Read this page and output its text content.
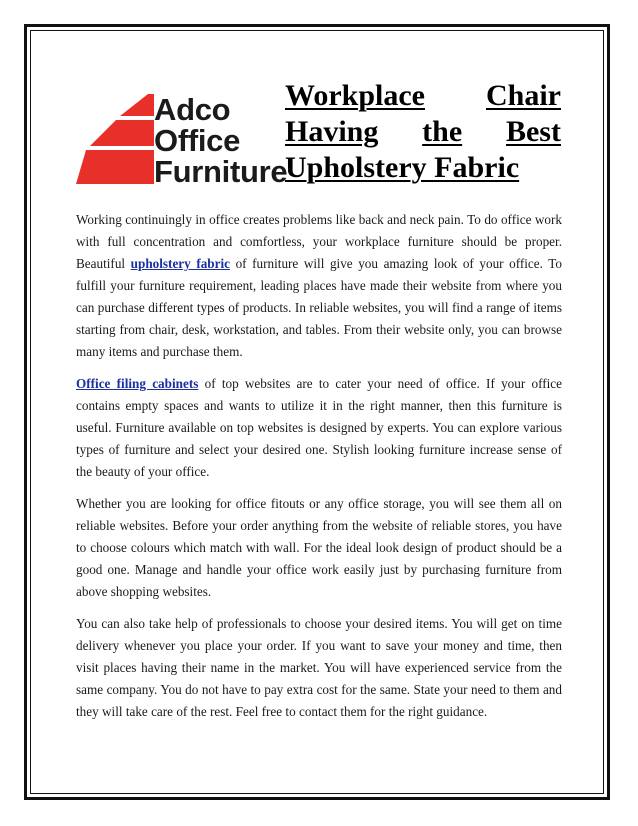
Adco
Office
Furniture
Workplace Chair
Having the Best
Upholstery Fabric

Working continuingly in office creates problems like back and neck pain. To do office work with full concentration and comfortless, your workplace furniture should be proper. Beautiful upholstery fabric of furniture will give you amazing look of your office. To fulfill your furniture requirement, leading places have made their website from where you can purchase different types of products. In reliable websites, you will find a range of items starting from chair, desk, workstation, and tables. From their website only, you can browse many items and purchase them.

Office filing cabinets of top websites are to cater your need of office. If your office contains empty spaces and wants to utilize it in the right manner, then this furniture is useful. Furniture available on top websites is designed by experts. You can explore various types of furniture and select your desired one. Stylish looking furniture increase sense of the beauty of your office.

Whether you are looking for office fitouts or any office storage, you will see them all on reliable websites. Before your order anything from the website of reliable stores, you have to choose colours which match with wall. For the ideal look design of product should be a good one. Manage and handle your office work easily just by purchasing furniture from above shopping websites.

You can also take help of professionals to choose your desired items. You will get on time delivery whenever you place your order. If you want to save your money and time, then visit places having their name in the market. You will have experienced service from the same company. You do not have to pay extra cost for the same. State your need to them and they will take care of the rest. Feel free to contact them for the right guidance.
